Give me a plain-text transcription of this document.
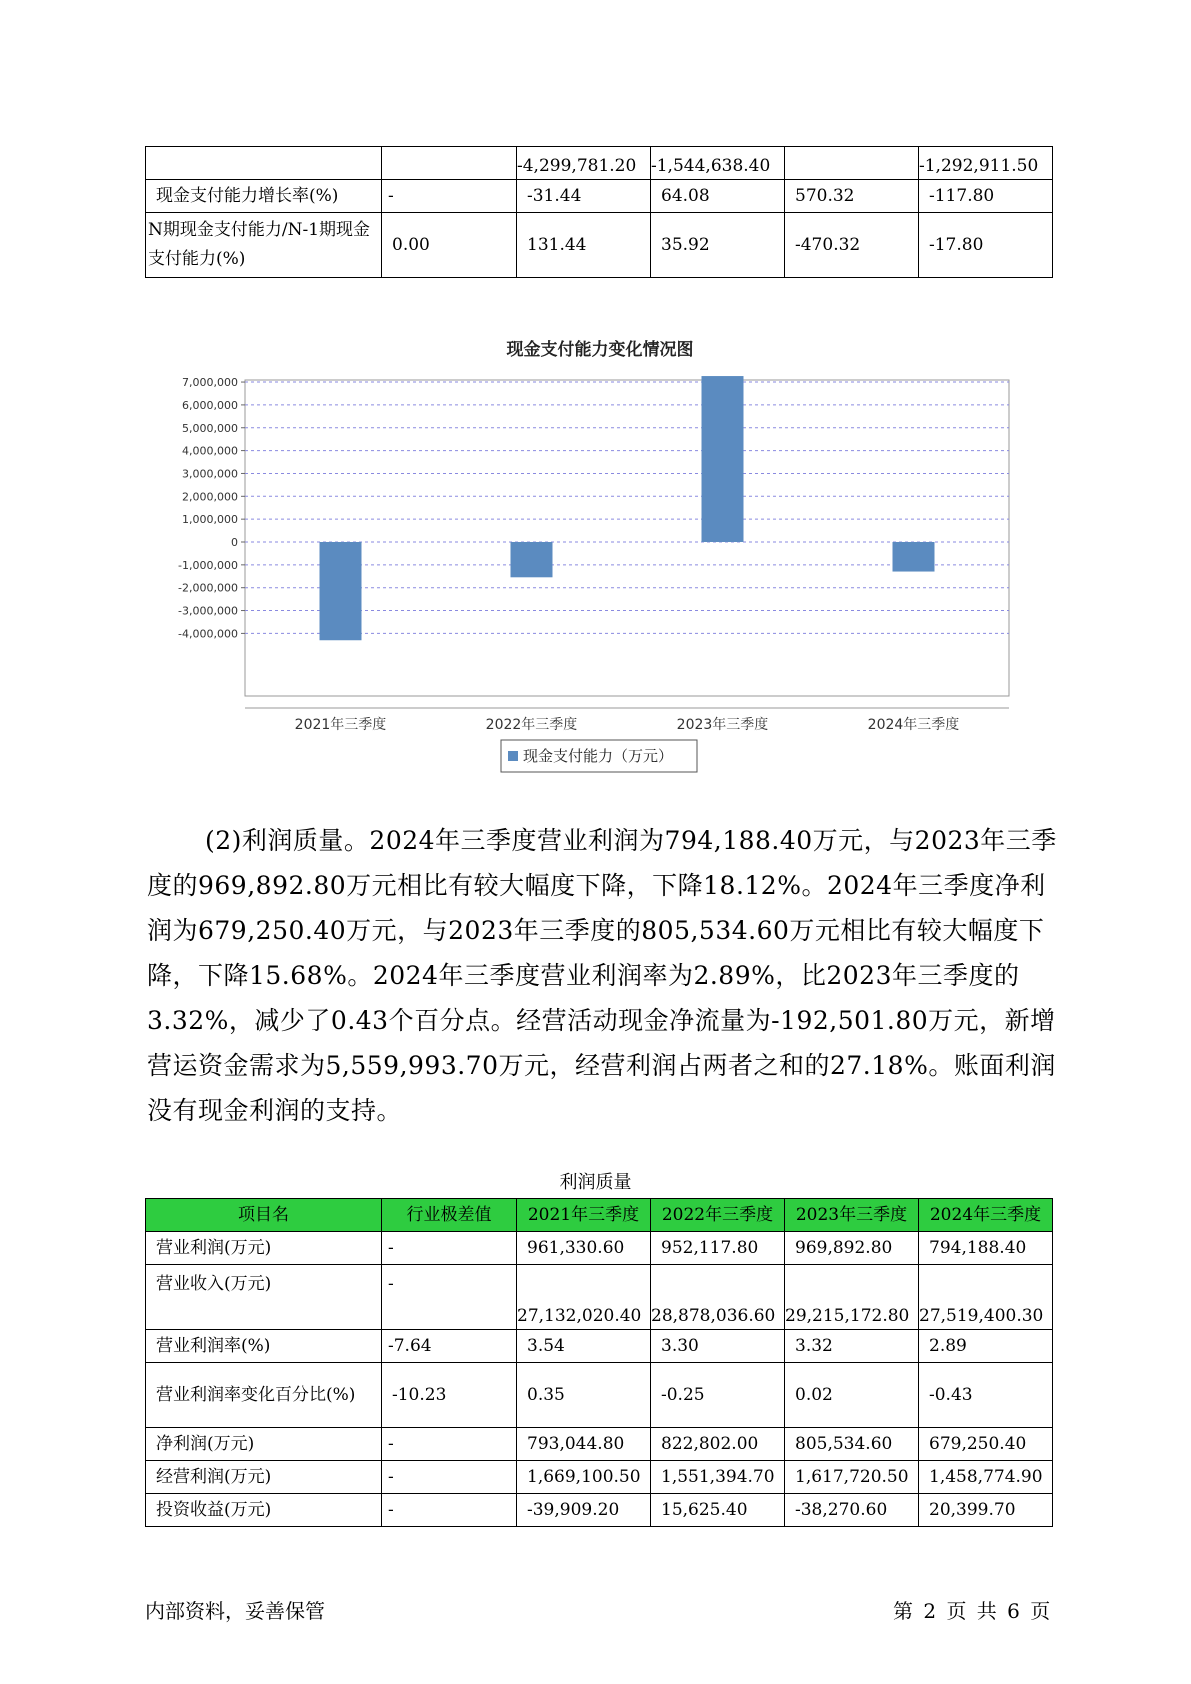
		-4,299,781.20	-1,544,638.40		-1,292,911.50
现金支付能力增长率(%)	-	-31.44	64.08	570.32	-117.80
N期现金支付能力/N-1期现金支付能力(%)	0.00	131.44	35.92	-470.32	-17.80
现金支付能力变化情况图
7,000,000
6,000,000
5,000,000
4,000,000
3,000,000
2,000,000
1,000,000
0
-1,000,000
-2,000,000
-3,000,000
-4,000,000
2021年三季度	2022年三季度	2023年三季度	2024年三季度
现金支付能力（万元）

(2)利润质量。2024年三季度营业利润为794,188.40万元，与2023年三季度的969,892.80万元相比有较大幅度下降，下降18.12%。2024年三季度净利润为679,250.40万元，与2023年三季度的805,534.60万元相比有较大幅度下降，下降15.68%。2024年三季度营业利润率为2.89%，比2023年三季度的3.32%，减少了0.43个百分点。经营活动现金净流量为-192,501.80万元，新增营运资金需求为5,559,993.70万元，经营利润占两者之和的27.18%。账面利润没有现金利润的支持。

利润质量
项目名	行业极差值	2021年三季度	2022年三季度	2023年三季度	2024年三季度
营业利润(万元)	-	961,330.60	952,117.80	969,892.80	794,188.40
营业收入(万元)	-	27,132,020.40	28,878,036.60	29,215,172.80	27,519,400.30
营业利润率(%)	-7.64	3.54	3.30	3.32	2.89
营业利润率变化百分比(%)	-10.23	0.35	-0.25	0.02	-0.43
净利润(万元)	-	793,044.80	822,802.00	805,534.60	679,250.40
经营利润(万元)	-	1,669,100.50	1,551,394.70	1,617,720.50	1,458,774.90
投资收益(万元)	-	-39,909.20	15,625.40	-38,270.60	20,399.70
内部资料，妥善保管	第 2 页 共 6 页
